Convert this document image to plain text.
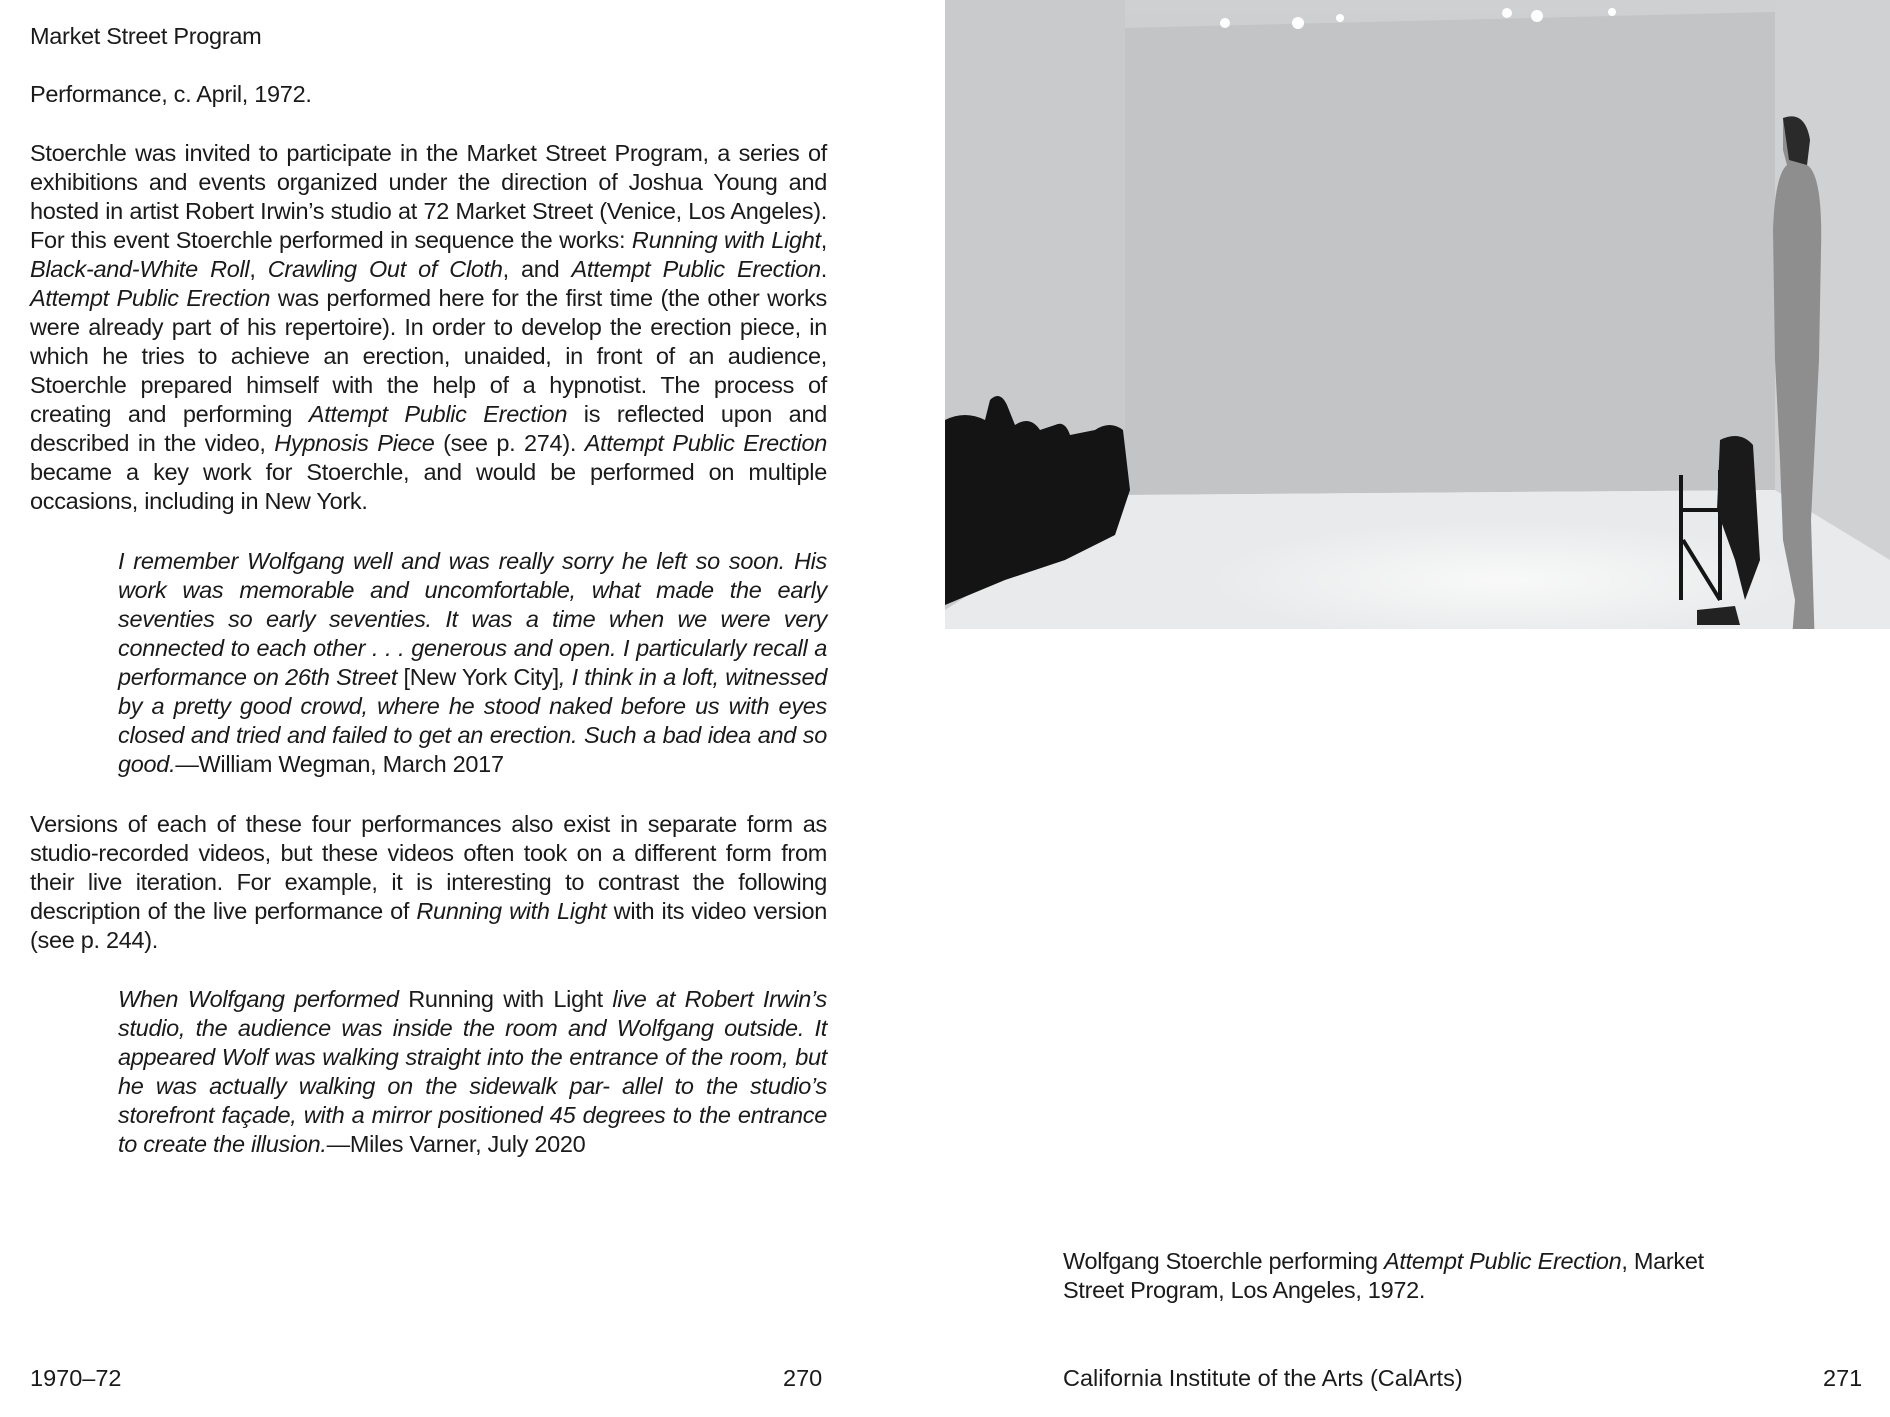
Market Street Program
Performance, c. April, 1972.
Stoerchle was invited to participate in the Market Street Program, a series of exhibitions and events organized under the direction of Joshua Young and hosted in artist Robert Irwin’s studio at 72 Market Street (Venice, Los Angeles). For this event Stoerchle performed in sequence the works: Running with Light, Black-and-White Roll, Crawling Out of Cloth, and Attempt Public Erection. Attempt Public Erection was performed here for the first time (the other works were already part of his repertoire). In order to develop the erection piece, in which he tries to achieve an erection, unaided, in front of an audience, Stoerchle prepared himself with the help of a hypnotist. The process of creating and performing Attempt Public Erection is reflected upon and described in the video, Hypnosis Piece (see p. 274). Attempt Public Erection became a key work for Stoerchle, and would be performed on multiple occasions, including in New York.
I remember Wolfgang well and was really sorry he left so soon. His work was memorable and uncomfortable, what made the early seventies so early seventies. It was a time when we were very connected to each other . . . generous and open. I particularly recall a performance on 26th Street [New York City], I think in a loft, witnessed by a pretty good crowd, where he stood naked before us with eyes closed and tried and failed to get an erection. Such a bad idea and so good.—William Wegman, March 2017
Versions of each of these four performances also exist in separate form as studio-recorded videos, but these videos often took on a different form from their live iteration. For example, it is interesting to contrast the following description of the live performance of Running with Light with its video version (see p. 244).
When Wolfgang performed Running with Light live at Robert Irwin’s studio, the audience was inside the room and Wolfgang outside. It appeared Wolf was walking straight into the entrance of the room, but he was actually walking on the sidewalk par- allel to the studio’s storefront façade, with a mirror positioned 45 degrees to the entrance to create the illusion.—Miles Varner, July 2020
1970–72	270
Wolfgang Stoerchle performing Attempt Public Erection, Market Street Program, Los Angeles, 1972.
California Institute of the Arts (CalArts)	271
